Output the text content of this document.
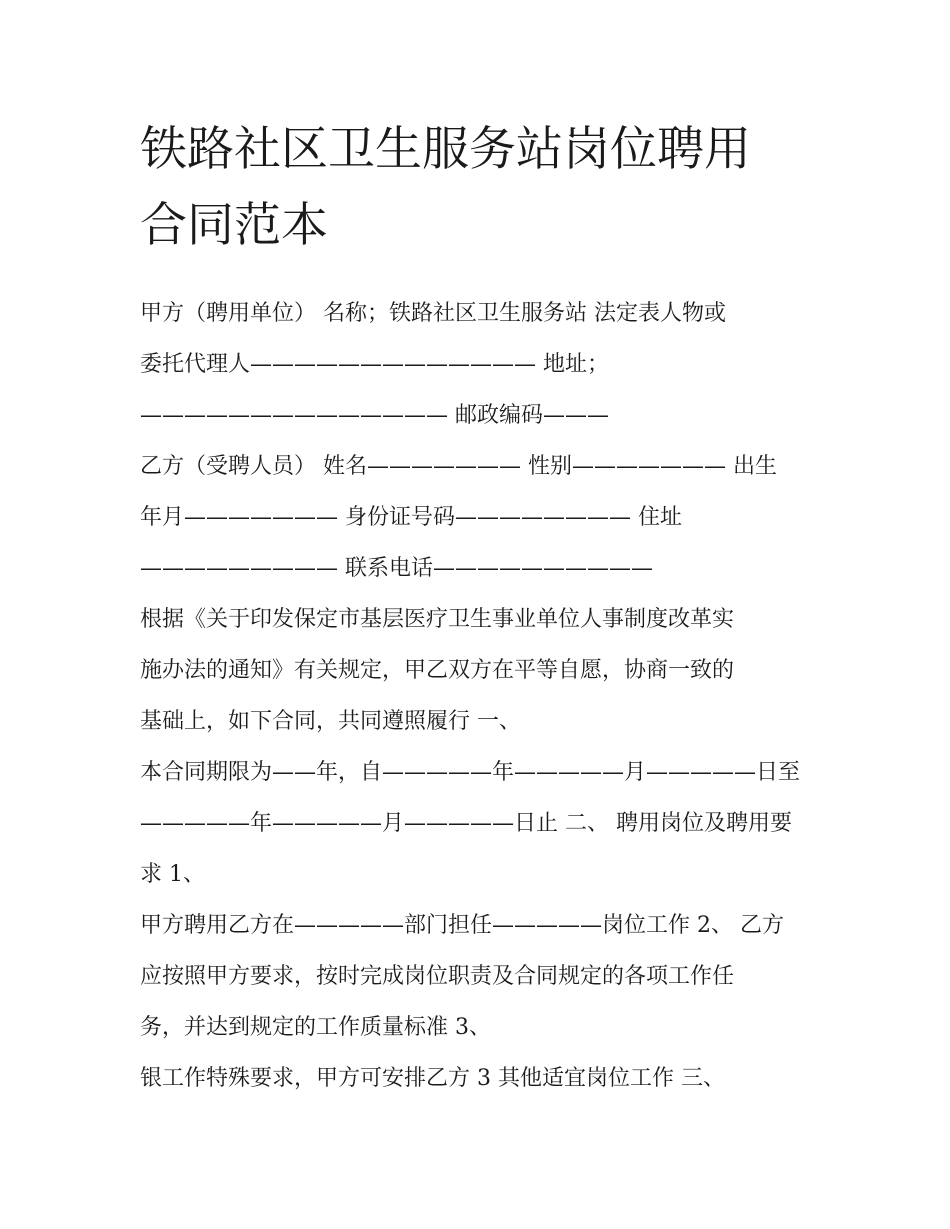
铁路社区卫生服务站岗位聘用
合同范本

甲方（聘用单位） 名称；铁路社区卫生服务站 法定表人物或

委托代理人————————————— 地址；

—————————————— 邮政编码———

乙方（受聘人员） 姓名——————— 性别——————— 出生

年月——————— 身份证号码———————— 住址

————————— 联系电话——————————

根据《关于印发保定市基层医疗卫生事业单位人事制度改革实

施办法的通知》有关规定，甲乙双方在平等自愿，协商一致的

基础上，如下合同，共同遵照履行 一、

本合同期限为——年，自—————年—————月—————日至

—————年—————月—————日止 二、 聘用岗位及聘用要

求 1、

甲方聘用乙方在—————部门担任—————岗位工作 2、 乙方

应按照甲方要求，按时完成岗位职责及合同规定的各项工作任

务，并达到规定的工作质量标准 3、

银工作特殊要求，甲方可安排乙方 3 其他适宜岗位工作 三、
